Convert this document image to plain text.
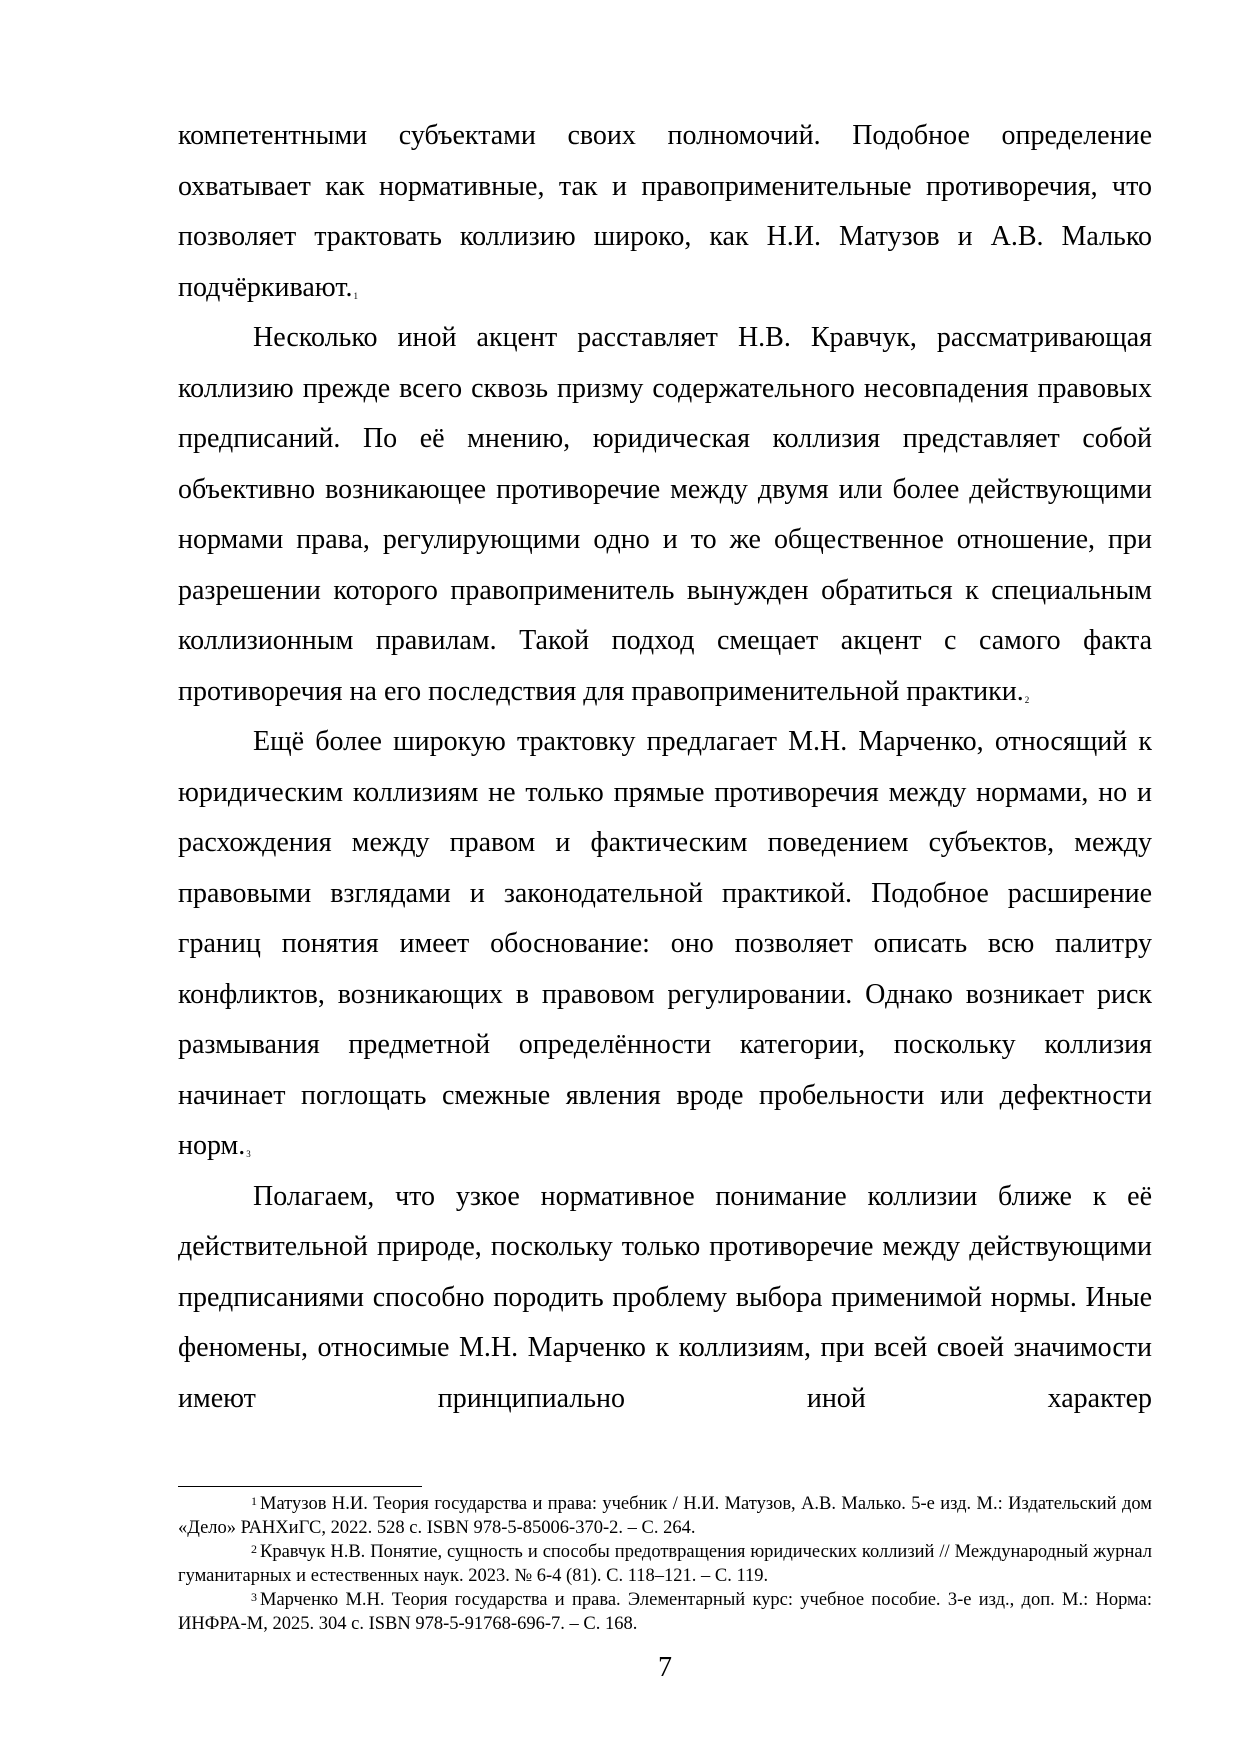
компетентными субъектами своих полномочий. Подобное определение охватывает как нормативные, так и правоприменительные противоречия, что позволяет трактовать коллизию широко, как Н.И. Матузов и А.В. Малько подчёркивают.$^1$

Несколько иной акцент расставляет Н.В. Кравчук, рассматривающая коллизию прежде всего сквозь призму содержательного несовпадения правовых предписаний. По её мнению, юридическая коллизия представляет собой объективно возникающее противоречие между двумя или более действующими нормами права, регулирующими одно и то же общественное отношение, при разрешении которого правоприменитель вынужден обратиться к специальным коллизионным правилам. Такой подход смещает акцент с самого факта противоречия на его последствия для правоприменительной практики.$^2$

Ещё более широкую трактовку предлагает М.Н. Марченко, относящий к юридическим коллизиям не только прямые противоречия между нормами, но и расхождения между правом и фактическим поведением субъектов, между правовыми взглядами и законодательной практикой. Подобное расширение границ понятия имеет обоснование: оно позволяет описать всю палитру конфликтов, возникающих в правовом регулировании. Однако возникает риск размывания предметной определённости категории, поскольку коллизия начинает поглощать смежные явления вроде пробельности или дефектности норм.$^3$

Полагаем, что узкое нормативное понимание коллизии ближе к её действительной природе, поскольку только противоречие между действующими предписаниями способно породить проблему выбора применимой нормы. Иные феномены, относимые М.Н. Марченко к коллизиям, при всей своей значимости имеют принципиально иной характер

$^1$ Матузов Н.И. Теория государства и права: учебник / Н.И. Матузов, А.В. Малько. 5-е изд. М.: Издательский дом «Дело» РАНХиГС, 2022. 528 с. ISBN 978-5-85006-370-2. – С. 264.

$^2$ Кравчук Н.В. Понятие, сущность и способы предотвращения юридических коллизий // Международный журнал гуманитарных и естественных наук. 2023. № 6-4 (81). С. 118–121. – С. 119.

$^3$ Марченко М.Н. Теория государства и права. Элементарный курс: учебное пособие. 3-е изд., доп. М.: Норма: ИНФРА-М, 2025. 304 с. ISBN 978-5-91768-696-7. – С. 168.

7
